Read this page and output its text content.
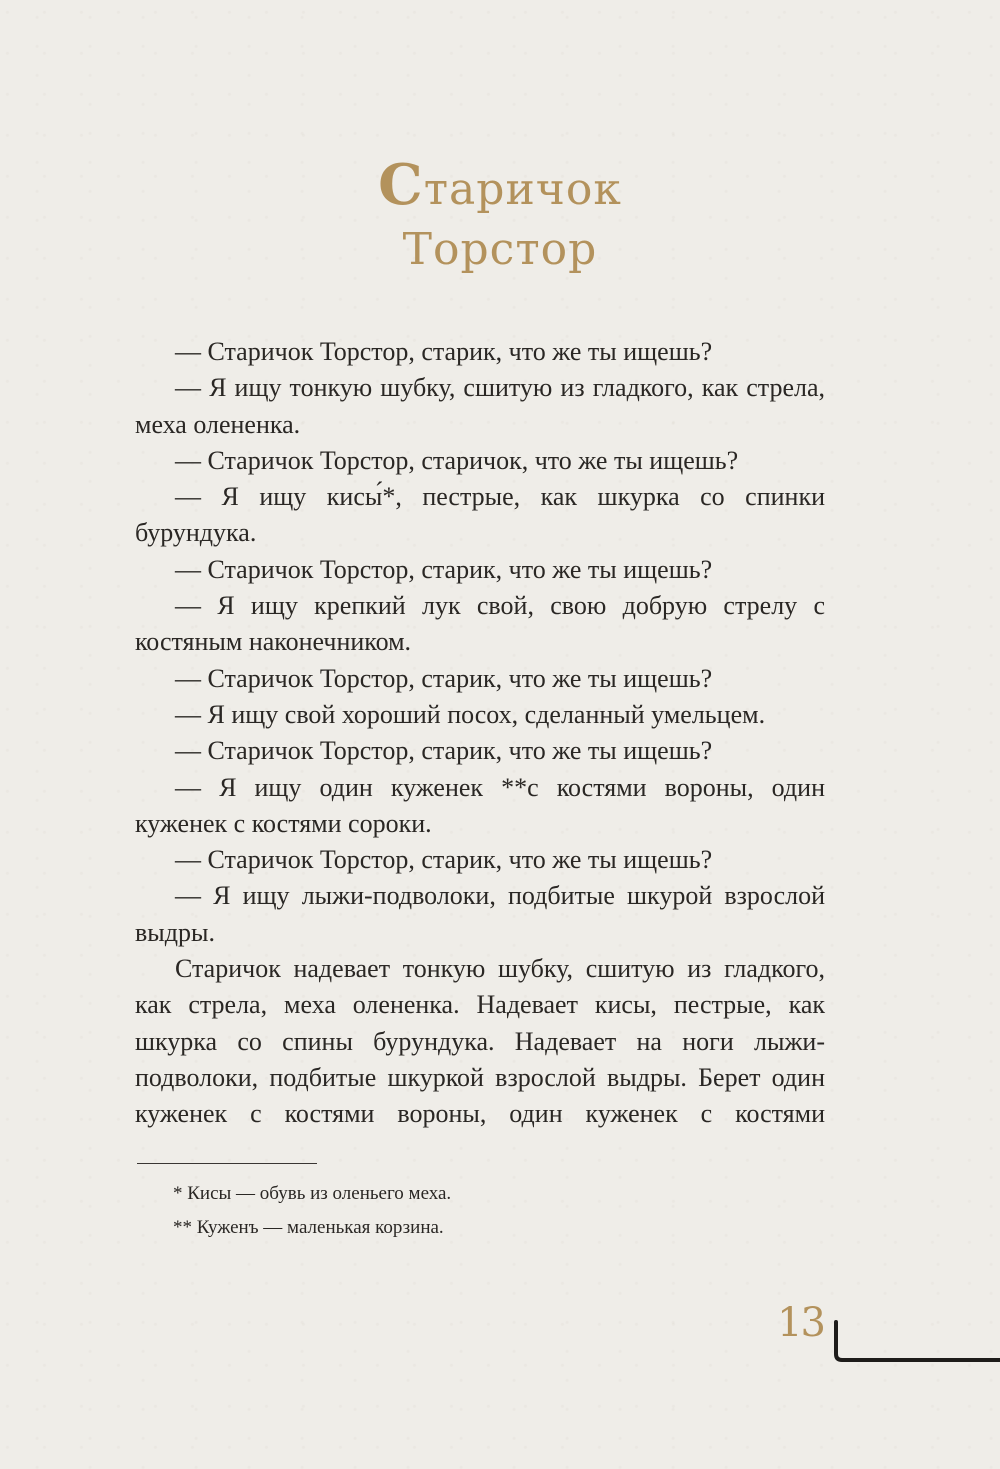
Старичок
Торстор
— Старичок Торстор, старик, что же ты ищешь?
— Я ищу тонкую шубку, сшитую из гладкого, как стрела, меха олененка.
— Старичок Торстор, старичок, что же ты ищешь?
— Я ищу кисы́*, пестрые, как шкурка со спинки бурундука.
— Старичок Торстор, старик, что же ты ищешь?
— Я ищу крепкий лук свой, свою добрую стрелу с костяным наконечником.
— Старичок Торстор, старик, что же ты ищешь?
— Я ищу свой хороший посох, сделанный умельцем.
— Старичок Торстор, старик, что же ты ищешь?
— Я ищу один куженек **с костями вороны, один куженек с костями сороки.
— Старичок Торстор, старик, что же ты ищешь?
— Я ищу лыжи-подволоки, подбитые шкурой взрослой выдры.
Старичок надевает тонкую шубку, сшитую из гладкого, как стрела, меха олененка. Надевает кисы, пестрые, как шкурка со спины бурундука. Надевает на ноги лыжи-подволоки, подбитые шкуркой взрослой выдры. Берет один куженек с костями вороны, один куженек с костями
* Кисы — обувь из оленьего меха.
** Куженъ — маленькая корзина.
13
